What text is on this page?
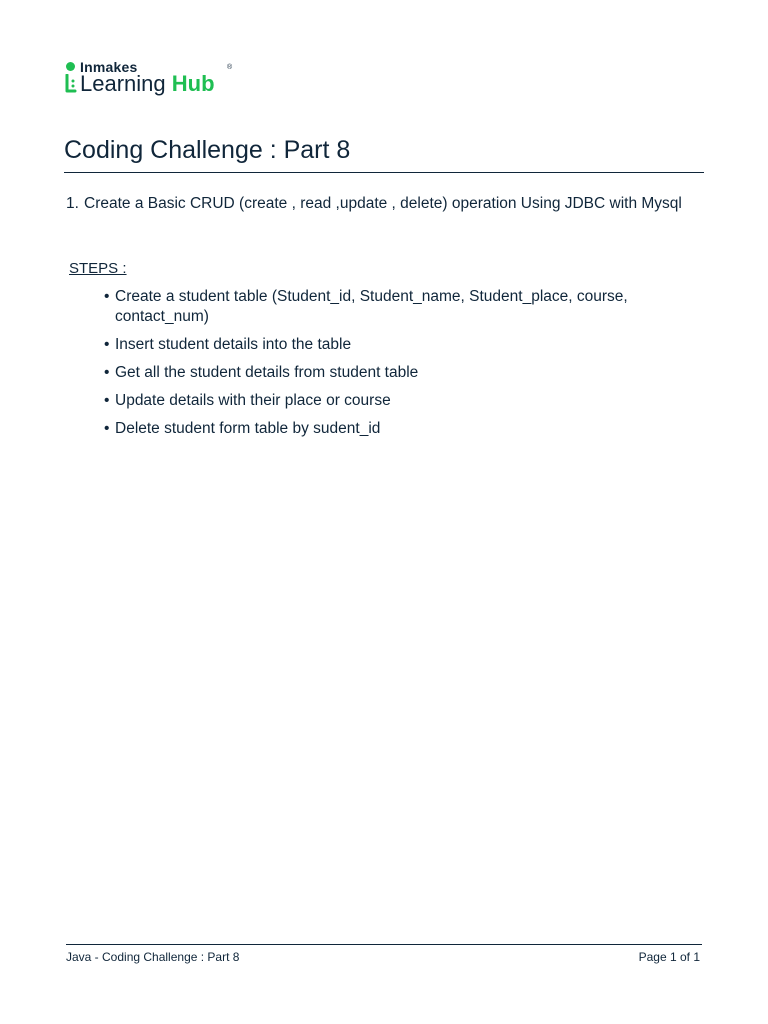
Inmakes
Learning Hub
®
Coding Challenge : Part 8
1. Create a Basic CRUD (create , read ,update , delete) operation Using JDBC with Mysql
STEPS :
• Create a student table (Student_id, Student_name, Student_place, course, contact_num)
• Insert student details into the table
• Get all the student details from student table
• Update details with their place or course
• Delete student form table by sudent_id
Java - Coding Challenge : Part 8	Page 1 of 1
